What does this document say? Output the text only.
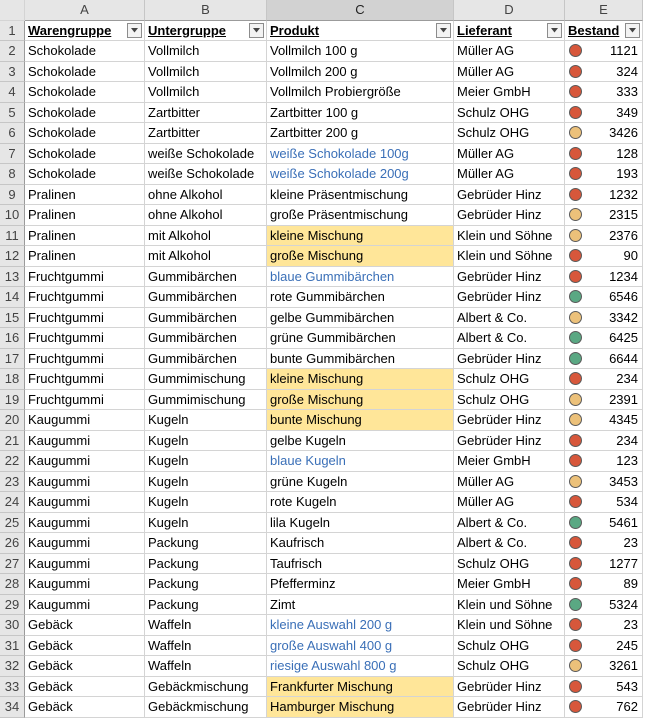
A	B	C	D	E
1 Warengruppe	Untergruppe	Produkt	Lieferant	Bestand
2 Schokolade	Vollmilch	Vollmilch 100 g	Müller AG	1121
3 Schokolade	Vollmilch	Vollmilch 200 g	Müller AG	324
4 Schokolade	Vollmilch	Vollmilch Probiergröße	Meier GmbH	333
5 Schokolade	Zartbitter	Zartbitter 100 g	Schulz OHG	349
6 Schokolade	Zartbitter	Zartbitter 200 g	Schulz OHG	3426
7 Schokolade	weiße Schokolade	weiße Schokolade 100g	Müller AG	128
8 Schokolade	weiße Schokolade	weiße Schokolade 200g	Müller AG	193
9 Pralinen	ohne Alkohol	kleine Präsentmischung	Gebrüder Hinz	1232
10 Pralinen	ohne Alkohol	große Präsentmischung	Gebrüder Hinz	2315
11 Pralinen	mit Alkohol	kleine Mischung	Klein und Söhne	2376
12 Pralinen	mit Alkohol	große Mischung	Klein und Söhne	90
13 Fruchtgummi	Gummibärchen	blaue Gummibärchen	Gebrüder Hinz	1234
14 Fruchtgummi	Gummibärchen	rote Gummibärchen	Gebrüder Hinz	6546
15 Fruchtgummi	Gummibärchen	gelbe Gummibärchen	Albert & Co.	3342
16 Fruchtgummi	Gummibärchen	grüne Gummibärchen	Albert & Co.	6425
17 Fruchtgummi	Gummibärchen	bunte Gummibärchen	Gebrüder Hinz	6644
18 Fruchtgummi	Gummimischung	kleine Mischung	Schulz OHG	234
19 Fruchtgummi	Gummimischung	große Mischung	Schulz OHG	2391
20 Kaugummi	Kugeln	bunte Mischung	Gebrüder Hinz	4345
21 Kaugummi	Kugeln	gelbe Kugeln	Gebrüder Hinz	234
22 Kaugummi	Kugeln	blaue Kugeln	Meier GmbH	123
23 Kaugummi	Kugeln	grüne Kugeln	Müller AG	3453
24 Kaugummi	Kugeln	rote Kugeln	Müller AG	534
25 Kaugummi	Kugeln	lila Kugeln	Albert & Co.	5461
26 Kaugummi	Packung	Kaufrisch	Albert & Co.	23
27 Kaugummi	Packung	Taufrisch	Schulz OHG	1277
28 Kaugummi	Packung	Pfefferminz	Meier GmbH	89
29 Kaugummi	Packung	Zimt	Klein und Söhne	5324
30 Gebäck	Waffeln	kleine Auswahl 200 g	Klein und Söhne	23
31 Gebäck	Waffeln	große Auswahl 400 g	Schulz OHG	245
32 Gebäck	Waffeln	riesige Auswahl 800 g	Schulz OHG	3261
33 Gebäck	Gebäckmischung	Frankfurter Mischung	Gebrüder Hinz	543
34 Gebäck	Gebäckmischung	Hamburger Mischung	Gebrüder Hinz	762
